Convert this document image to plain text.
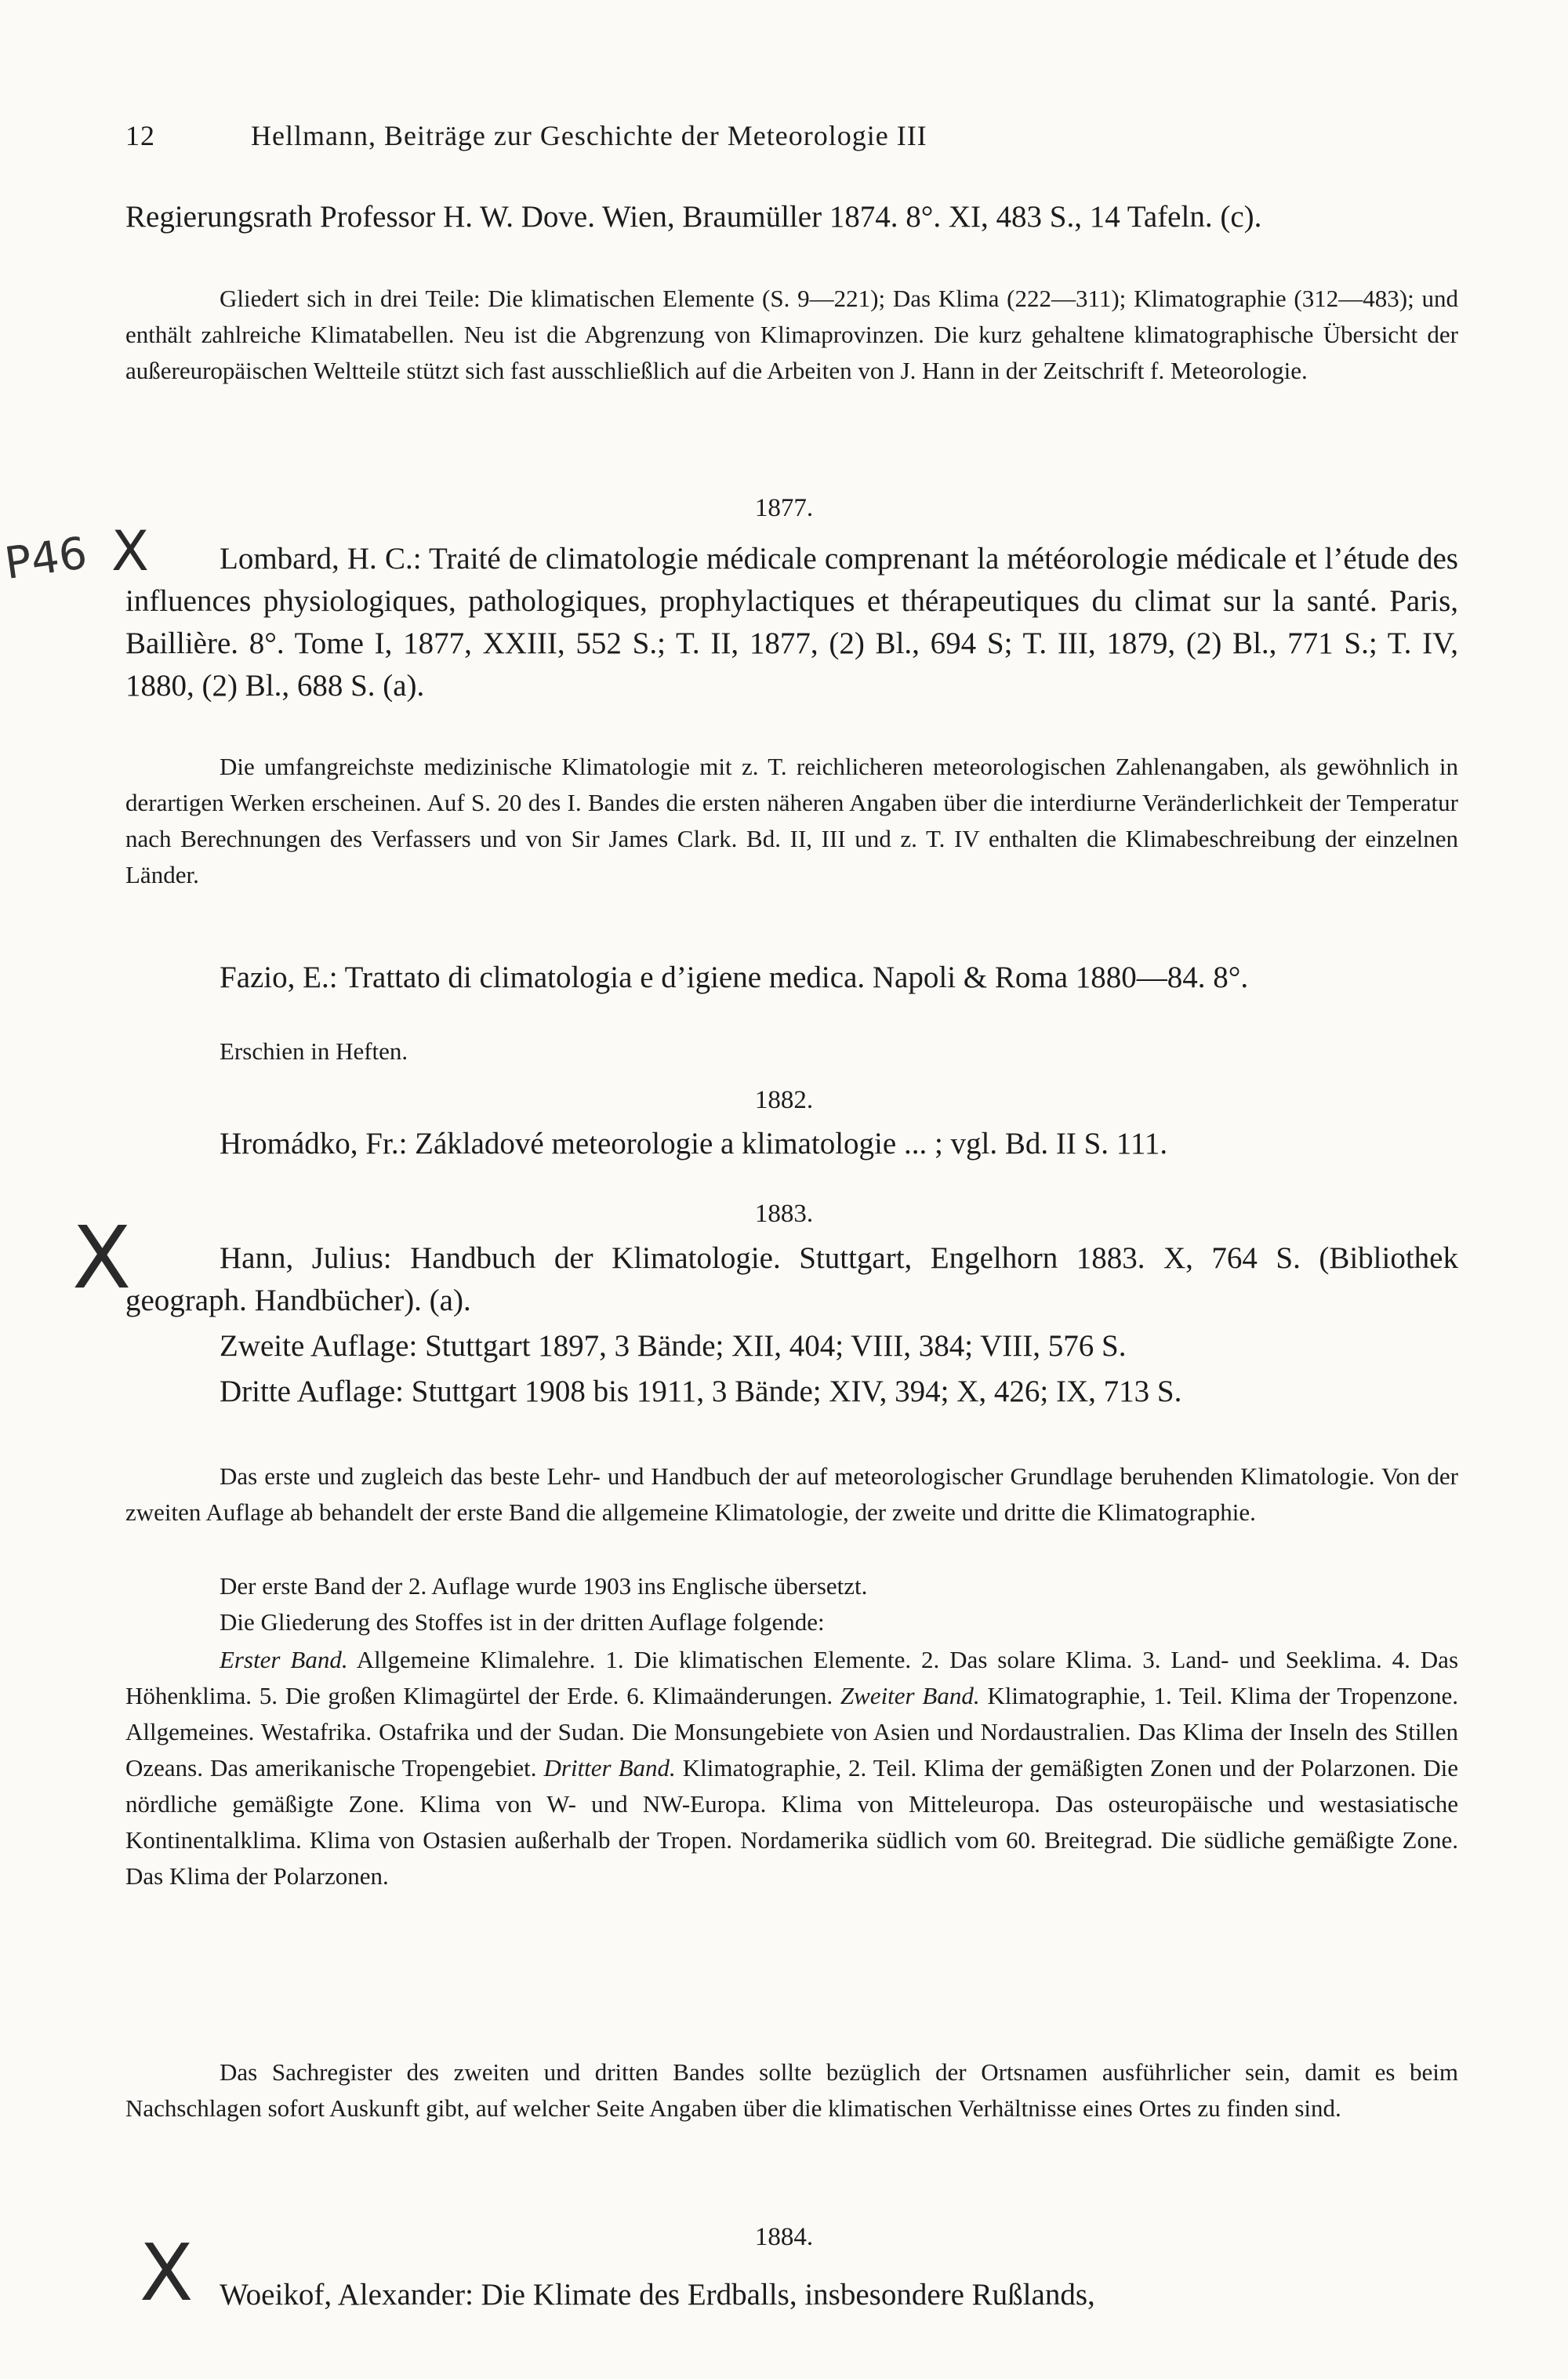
12	Hellmann, Beiträge zur Geschichte der Meteorologie III
Regierungsrath Professor H. W. Dove. Wien, Braumüller 1874. 8°. XI, 483 S., 14 Tafeln. (c).
Gliedert sich in drei Teile: Die klimatischen Elemente (S. 9—221); Das Klima (222—311); Klimatographie (312—483); und enthält zahlreiche Klimatabellen. Neu ist die Abgrenzung von Klimaprovinzen. Die kurz gehaltene klimatographische Übersicht der außereuropäischen Weltteile stützt sich fast ausschließlich auf die Arbeiten von J. Hann in der Zeitschrift f. Meteorologie.
1877.
P46 X	Lombard, H. C.: Traité de climatologie médicale comprenant la météorologie médicale et l’étude des influences physiologiques, pathologiques, prophylactiques et thérapeutiques du climat sur la santé. Paris, Baillière. 8°. Tome I, 1877, XXIII, 552 S.; T. II, 1877, (2) Bl., 694 S; T. III, 1879, (2) Bl., 771 S.; T. IV, 1880, (2) Bl., 688 S. (a).
Die umfangreichste medizinische Klimatologie mit z. T. reichlicheren meteorologischen Zahlenangaben, als gewöhnlich in derartigen Werken erscheinen. Auf S. 20 des I. Bandes die ersten näheren Angaben über die interdiurne Veränderlichkeit der Temperatur nach Berechnungen des Verfassers und von Sir James Clark. Bd. II, III und z. T. IV enthalten die Klimabeschreibung der einzelnen Länder.
Fazio, E.: Trattato di climatologia e d’igiene medica. Napoli & Roma 1880—84. 8°.
Erschien in Heften.
1882.
Hromádko, Fr.: Základové meteorologie a klimatologie ... ; vgl. Bd. II S. 111.
1883.
X	Hann, Julius: Handbuch der Klimatologie. Stuttgart, Engelhorn 1883. X, 764 S. (Bibliothek geograph. Handbücher). (a).
Zweite Auflage: Stuttgart 1897, 3 Bände; XII, 404; VIII, 384; VIII, 576 S.
Dritte Auflage: Stuttgart 1908 bis 1911, 3 Bände; XIV, 394; X, 426; IX, 713 S.
Das erste und zugleich das beste Lehr- und Handbuch der auf meteorologischer Grundlage beruhenden Klimatologie. Von der zweiten Auflage ab behandelt der erste Band die allgemeine Klimatologie, der zweite und dritte die Klimatographie.
Der erste Band der 2. Auflage wurde 1903 ins Englische übersetzt.
Die Gliederung des Stoffes ist in der dritten Auflage folgende:
Erster Band. Allgemeine Klimalehre. 1. Die klimatischen Elemente. 2. Das solare Klima. 3. Land- und Seeklima. 4. Das Höhenklima. 5. Die großen Klimagürtel der Erde. 6. Klimaänderungen. Zweiter Band. Klimatographie, 1. Teil. Klima der Tropenzone. Allgemeines. Westafrika. Ostafrika und der Sudan. Die Monsungebiete von Asien und Nordaustralien. Das Klima der Inseln des Stillen Ozeans. Das amerikanische Tropengebiet. Dritter Band. Klimatographie, 2. Teil. Klima der gemäßigten Zonen und der Polarzonen. Die nördliche gemäßigte Zone. Klima von W- und NW-Europa. Klima von Mitteleuropa. Das osteuropäische und westasiatische Kontinentalklima. Klima von Ostasien außerhalb der Tropen. Nordamerika südlich vom 60. Breitegrad. Die südliche gemäßigte Zone. Das Klima der Polarzonen.
Das Sachregister des zweiten und dritten Bandes sollte bezüglich der Ortsnamen ausführlicher sein, damit es beim Nachschlagen sofort Auskunft gibt, auf welcher Seite Angaben über die klimatischen Verhältnisse eines Ortes zu finden sind.
1884.
X Woeikof, Alexander: Die Klimate des Erdballs, insbesondere Rußlands,
